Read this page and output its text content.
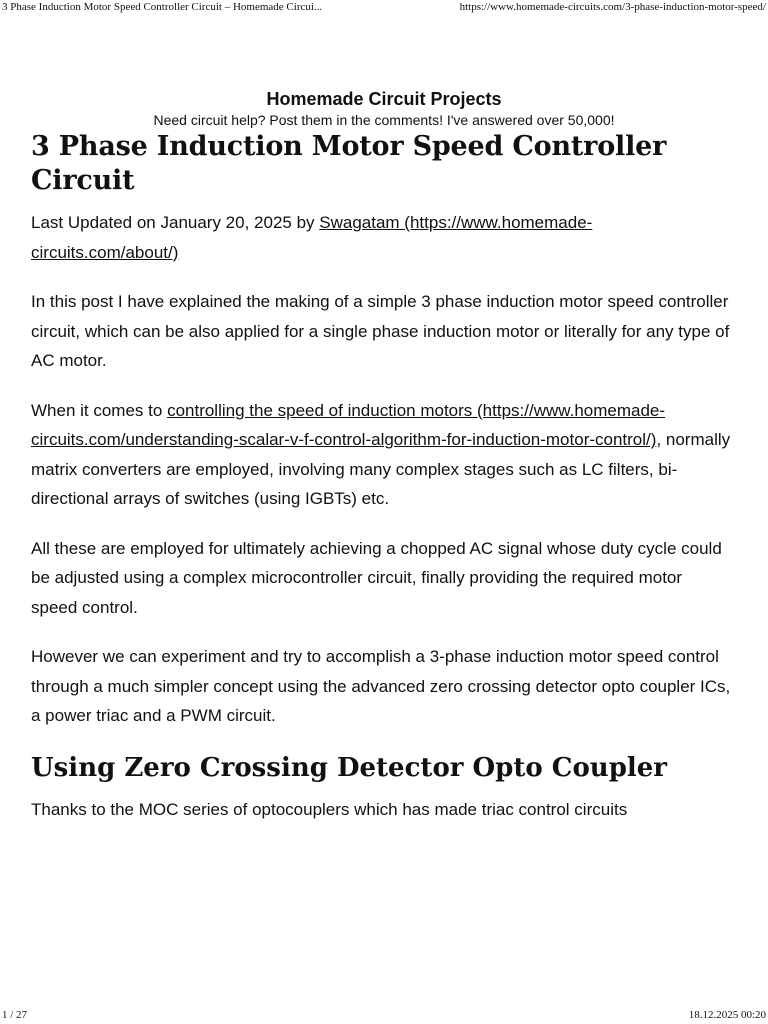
3 Phase Induction Motor Speed Controller Circuit – Homemade Circui...	https://www.homemade-circuits.com/3-phase-induction-motor-speed/

Homemade Circuit Projects

Need circuit help? Post them in the comments! I've answered over 50,000!

3 Phase Induction Motor Speed Controller Circuit

Last Updated on January 20, 2025 by Swagatam (https://www.homemade-circuits.com/about/)

In this post I have explained the making of a simple 3 phase induction motor speed controller circuit, which can be also applied for a single phase induction motor or literally for any type of AC motor.

When it comes to controlling the speed of induction motors (https://www.homemade-circuits.com/understanding-scalar-v-f-control-algorithm-for-induction-motor-control/), normally matrix converters are employed, involving many complex stages such as LC filters, bi-directional arrays of switches (using IGBTs) etc.

All these are employed for ultimately achieving a chopped AC signal whose duty cycle could be adjusted using a complex microcontroller circuit, finally providing the required motor speed control.

However we can experiment and try to accomplish a 3-phase induction motor speed control through a much simpler concept using the advanced zero crossing detector opto coupler ICs, a power triac and a PWM circuit.

Using Zero Crossing Detector Opto Coupler

Thanks to the MOC series of optocouplers which has made triac control circuits

1 / 27	18.12.2025 00:20
